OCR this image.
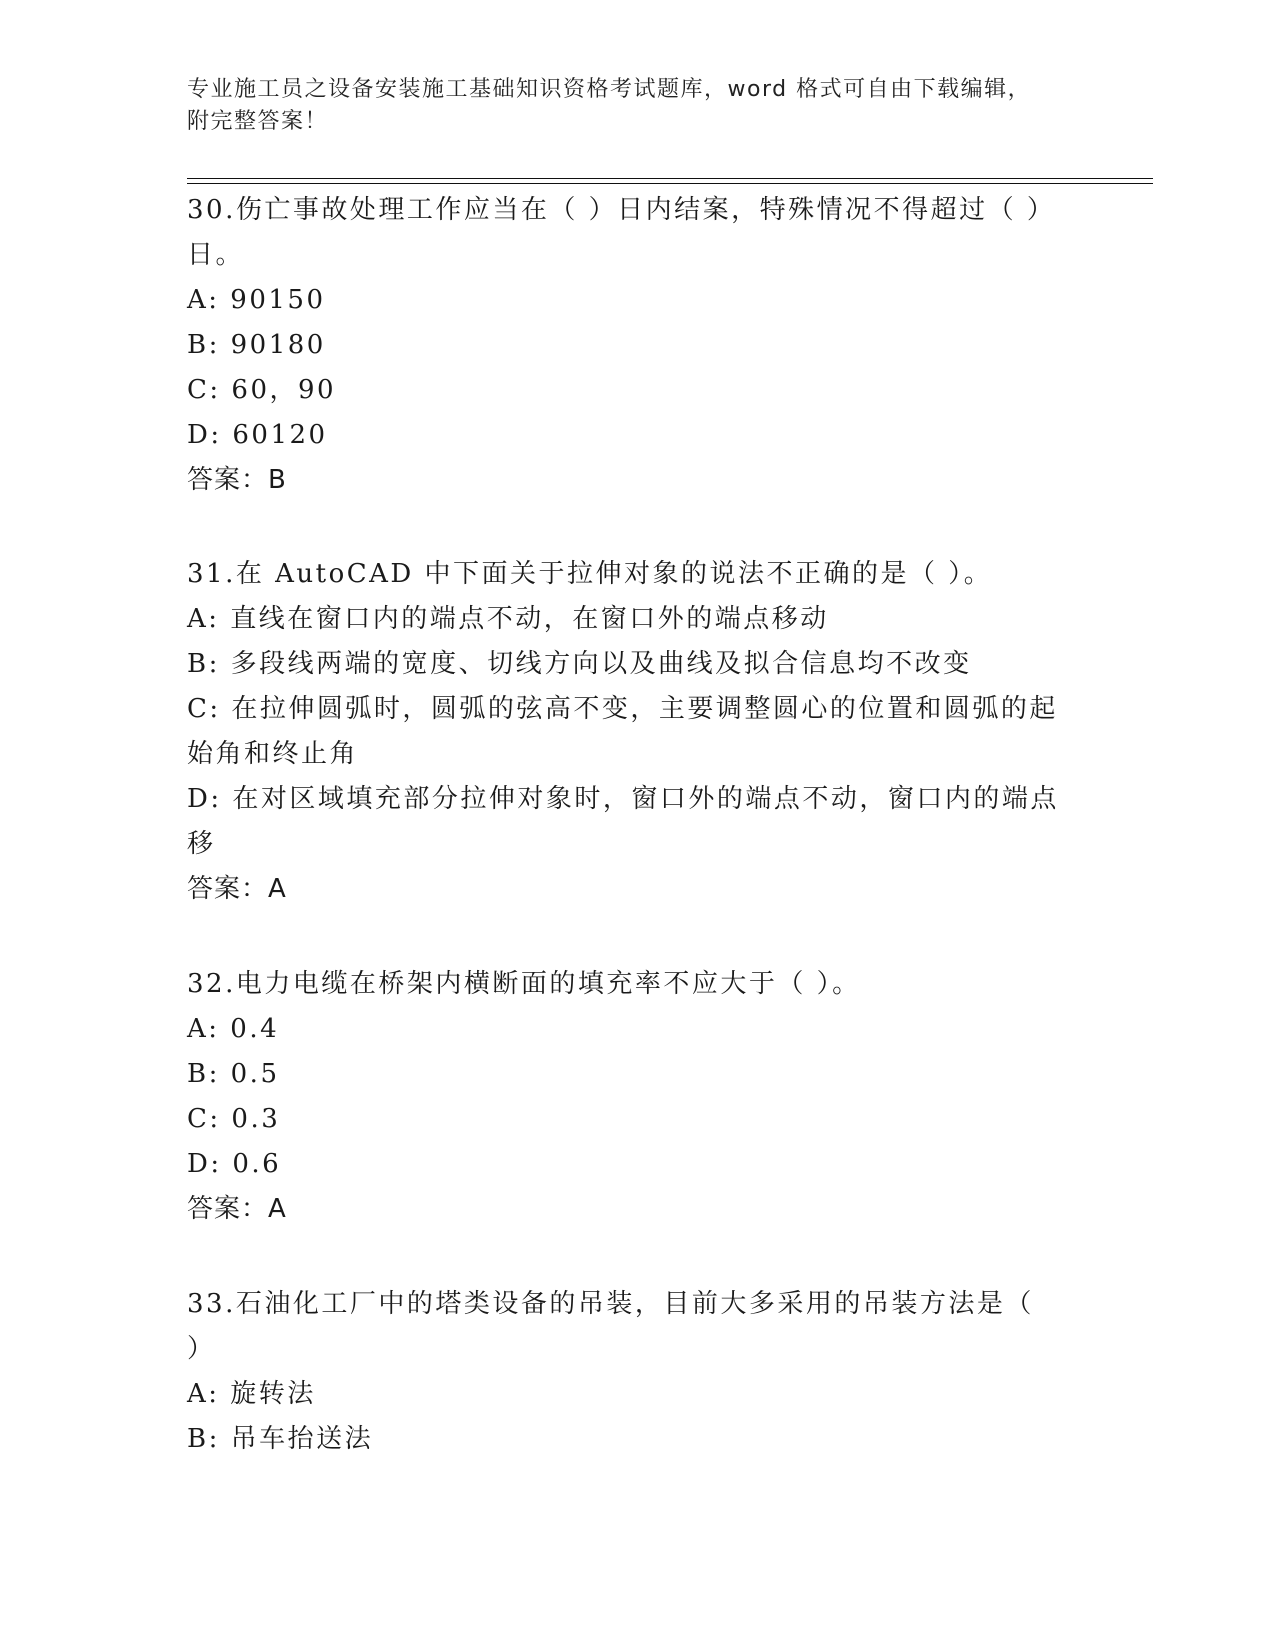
专业施工员之设备安装施工基础知识资格考试题库，word 格式可自由下载编辑，
附完整答案！

30.伤亡事故处理工作应当在（ ）日内结案，特殊情况不得超过（ ）

日。

A: 90150

B: 90180

C: 60，90

D: 60120

答案：B

31.在 AutoCAD 中下面关于拉伸对象的说法不正确的是（ ）。

A: 直线在窗口内的端点不动，在窗口外的端点移动

B: 多段线两端的宽度、切线方向以及曲线及拟合信息均不改变

C: 在拉伸圆弧时，圆弧的弦高不变，主要调整圆心的位置和圆弧的起

始角和终止角

D: 在对区域填充部分拉伸对象时，窗口外的端点不动，窗口内的端点

移

答案：A

32.电力电缆在桥架内横断面的填充率不应大于（ ）。

A: 0.4

B: 0.5

C: 0.3

D: 0.6

答案：A

33.石油化工厂中的塔类设备的吊装，目前大多采用的吊装方法是（

）

A: 旋转法

B: 吊车抬送法
